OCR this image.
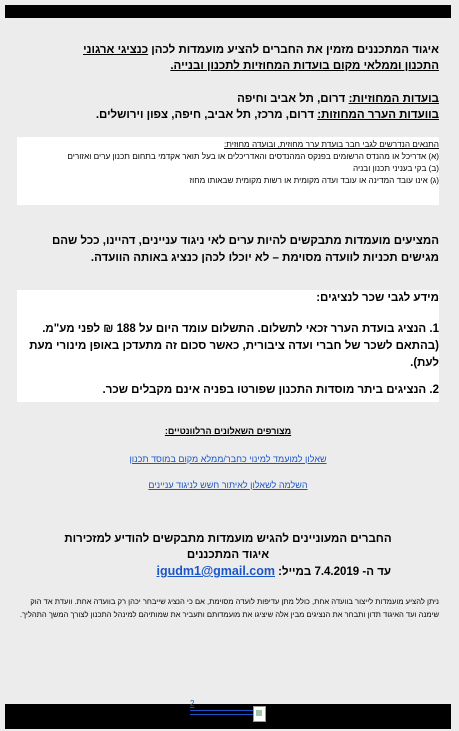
איגוד המתכננים מזמין את החברים להציע מועמדות לכהן כנציגי ארגוני
התכנון וממלאי מקום בועדות המחוזיות לתכנון ובנייה.
בועדות המחוזיות: דרום, תל אביב וחיפה
בוועדות הערר המחוזות: דרום, מרכז, תל אביב, חיפה, צפון וירושלים.
התנאים הנדרשים לגבי חבר בועדת ערר מחוזית, ובועדה מחוזית:
(א) אדריכל או מהנדס הרשומים בפנקס המהנדסים והאדריכלים או בעל תואר אקדמי בתחום תכנון ערים ואזורים
(ב) בקי בעניני תכנון ובניה
(ג) אינו עובד המדינה או עובד ועדה מקומית או רשות מקומית שבאותו מחוז
המציעים מועמדות מתבקשים להיות ערים לאי ניגוד עניינים, דהיינו, ככל שהם מגישים תכניות לוועדה מסוימת – לא יוכלו לכהן כנציג באותה הוועדה.

מידע לגבי שכר לנציגים:

1. הנציג בועדת הערר זכאי לתשלום. התשלום עומד היום על 188 ₪ לפני מע"מ. (בהתאם לשכר של חברי ועדה ציבורית, כאשר סכום זה מתעדכן באופן מינורי מעת לעת).

2. הנציגים ביתר מוסדות התכנון שפורטו בפניה אינם מקבלים שכר.

מצורפים השאלונים הרלוונטיים:
שאלון למועמד למינוי כחבר/ממלא מקום במוסד תכנון
השלמה לשאלון לאיתור חשש לניגוד עניינים
החברים המעוניינים להגיש מועמדות מתבקשים להודיע למזכירות
איגוד המתכננים
עד ה- 7.4.2019 במייל: igudm1@gmail.com
ניתן להציע מועמדות לייצור בוועדה אחת, כולל מתן עדיפות לועדה מסוימת, אם כי הנציג שייבחר יכהן רק בוועדה אחת. וועדת אד הוק שימנה ועד האיגוד תדון ותבחר את הנציגים מבין אלה שיציגו את מועמדותם ותעביר את שמותיהם למינהל התכנון לצורך המשך התהליך.
2
